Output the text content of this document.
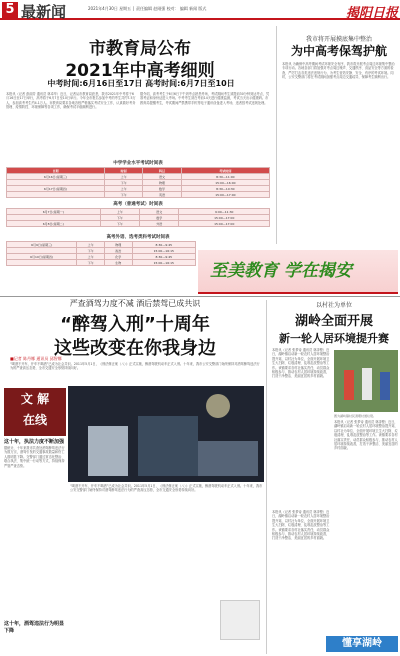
5 最新闻	2021年4月30日 星期五 │ 责任编辑 赵刚强 校对： 编辑 新闻 版式	揭阳日报
市教育局公布
2021年中高考细则
中考时间:6月16日至17日 高考时间:6月7日至10日
本报讯（记者 彭丽芳 通讯员 林卓华）近日，记者从市教育局获悉，我市2021年中考将于6月16日至17日举行，高考将于6月7日至10日举行。今年全市报名参加中考的考生共约7.5万人，参加高考考生约4.1万人。市教育局要求各地各校严格落实考试安全工作，认真做好考务管理、疫情防控、环境保障等各项工作，确保考试平稳顺利进行。
据介绍，高考考生于6月6日下午到考点熟悉考场，考试期间考生须提前30分钟到达考点，凭准考证和身份证进入考场。中考考生须在考前14天进行健康监测，考试当天出示健康码。市教育局提醒考生，考试期间严禁携带手机等电子通讯设备进入考场，违者按考试违规处理。
中学学业水平考试时间表
日期	时间	科目	考试时间
6月16日(星期三)	上午	语文	8:30—11:00
	下午	物理	15:00—16:00
6月17日(星期四)	上午	数学	8:30—10:30
	下午	英语	15:00—17:00
高考（普通考试）时间表
6月7日(星期一)	上午	语文	9:00—11:30
	下午	数学	15:00—17:00
6月8日(星期二)	下午	外语	15:00—17:00
高考外语、选考类科考试时间表
6月9日(星期三)	上午	物理	8:30—9:45
	下午	政治	15:00—16:15
6月10日(星期四)	上午	化学	8:30—9:45
	下午	生物	15:00—16:15
我市将开展摸底集中整治
为中高考保驾护航
本报讯 为确保中高考期间考试环境安全有序，我市将开展考点周边环境集中整治专项行动。各地各部门将加强对考点周边噪声、交通秩序、食品安全等方面的检查，严厉打击各类违法违规行为，为考生营造安静、安全、有序的考试环境。同时，公安交警部门将在考试期间加强考点周边交通疏导，保障考生顺利出行。
至美教育 学在揭安
严查酒驾力度不减 酒后禁驾已成共识
“醉驾入刑”十周年
这些改变在你我身边
■记者 陈丹娜 通讯员 邱智娜
“喝酒不开车，开车不喝酒”已成为社会共识。2011年5月1日，《刑法修正案（八）》正式实施，醉酒驾驶机动车正式入刑。十年来，我市公安交警部门始终保持对酒驾醉驾违法行为的严查高压态势，全市交通安全形势持续向好。
文 解
在线
这十年，执法力度不断加强
据统计，十年来我市共查处酒驾醉驾违法行为数万宗，酒驾引发的交通事故数量和伤亡人数明显下降。交警部门通过常态化整治、联合执法、集中统一行动等方式，持续保持严管严查态势。
这十年，酒驾违法行为明显下降
“喝酒不开车，开车不喝酒”已成为社会共识。2011年5月1日，《刑法修正案（八）》正式实施，醉酒驾驶机动车正式入刑。十年来，我市公安交警部门始终保持对酒驾醉驾违法行为的严查高压态势，全市交通安全形势持续向好。
以村社为单位
湖岭全面开展
新一轮人居环境提升赛
本报讯（记者 张梦诗 通讯员 林泽铿）近日，湖岭镇启动新一轮农村人居环境整治提升赛，以村社为单位，全面开展环境卫生大扫除、垃圾清理、乱堆乱放整治等工作。该镇要求各村社落实责任，动员群众积极参与，推动农村人居环境持续改善，打造干净整洁、美丽宜居的乡村面貌。
图为湖岭镇村民清理村道垃圾。
本报讯（记者 张梦诗 通讯员 林泽铿）近日，湖岭镇启动新一轮农村人居环境整治提升赛，以村社为单位，全面开展环境卫生大扫除、垃圾清理、乱堆乱放整治等工作。该镇要求各村社落实责任，动员群众积极参与，推动农村人居环境持续改善，打造干净整洁、美丽宜居的乡村面貌。
本报讯（记者 张梦诗 通讯员 林泽铿）近日，湖岭镇启动新一轮农村人居环境整治提升赛，以村社为单位，全面开展环境卫生大扫除、垃圾清理、乱堆乱放整治等工作。该镇要求各村社落实责任，动员群众积极参与，推动农村人居环境持续改善，打造干净整洁、美丽宜居的乡村面貌。
懂享湖岭
